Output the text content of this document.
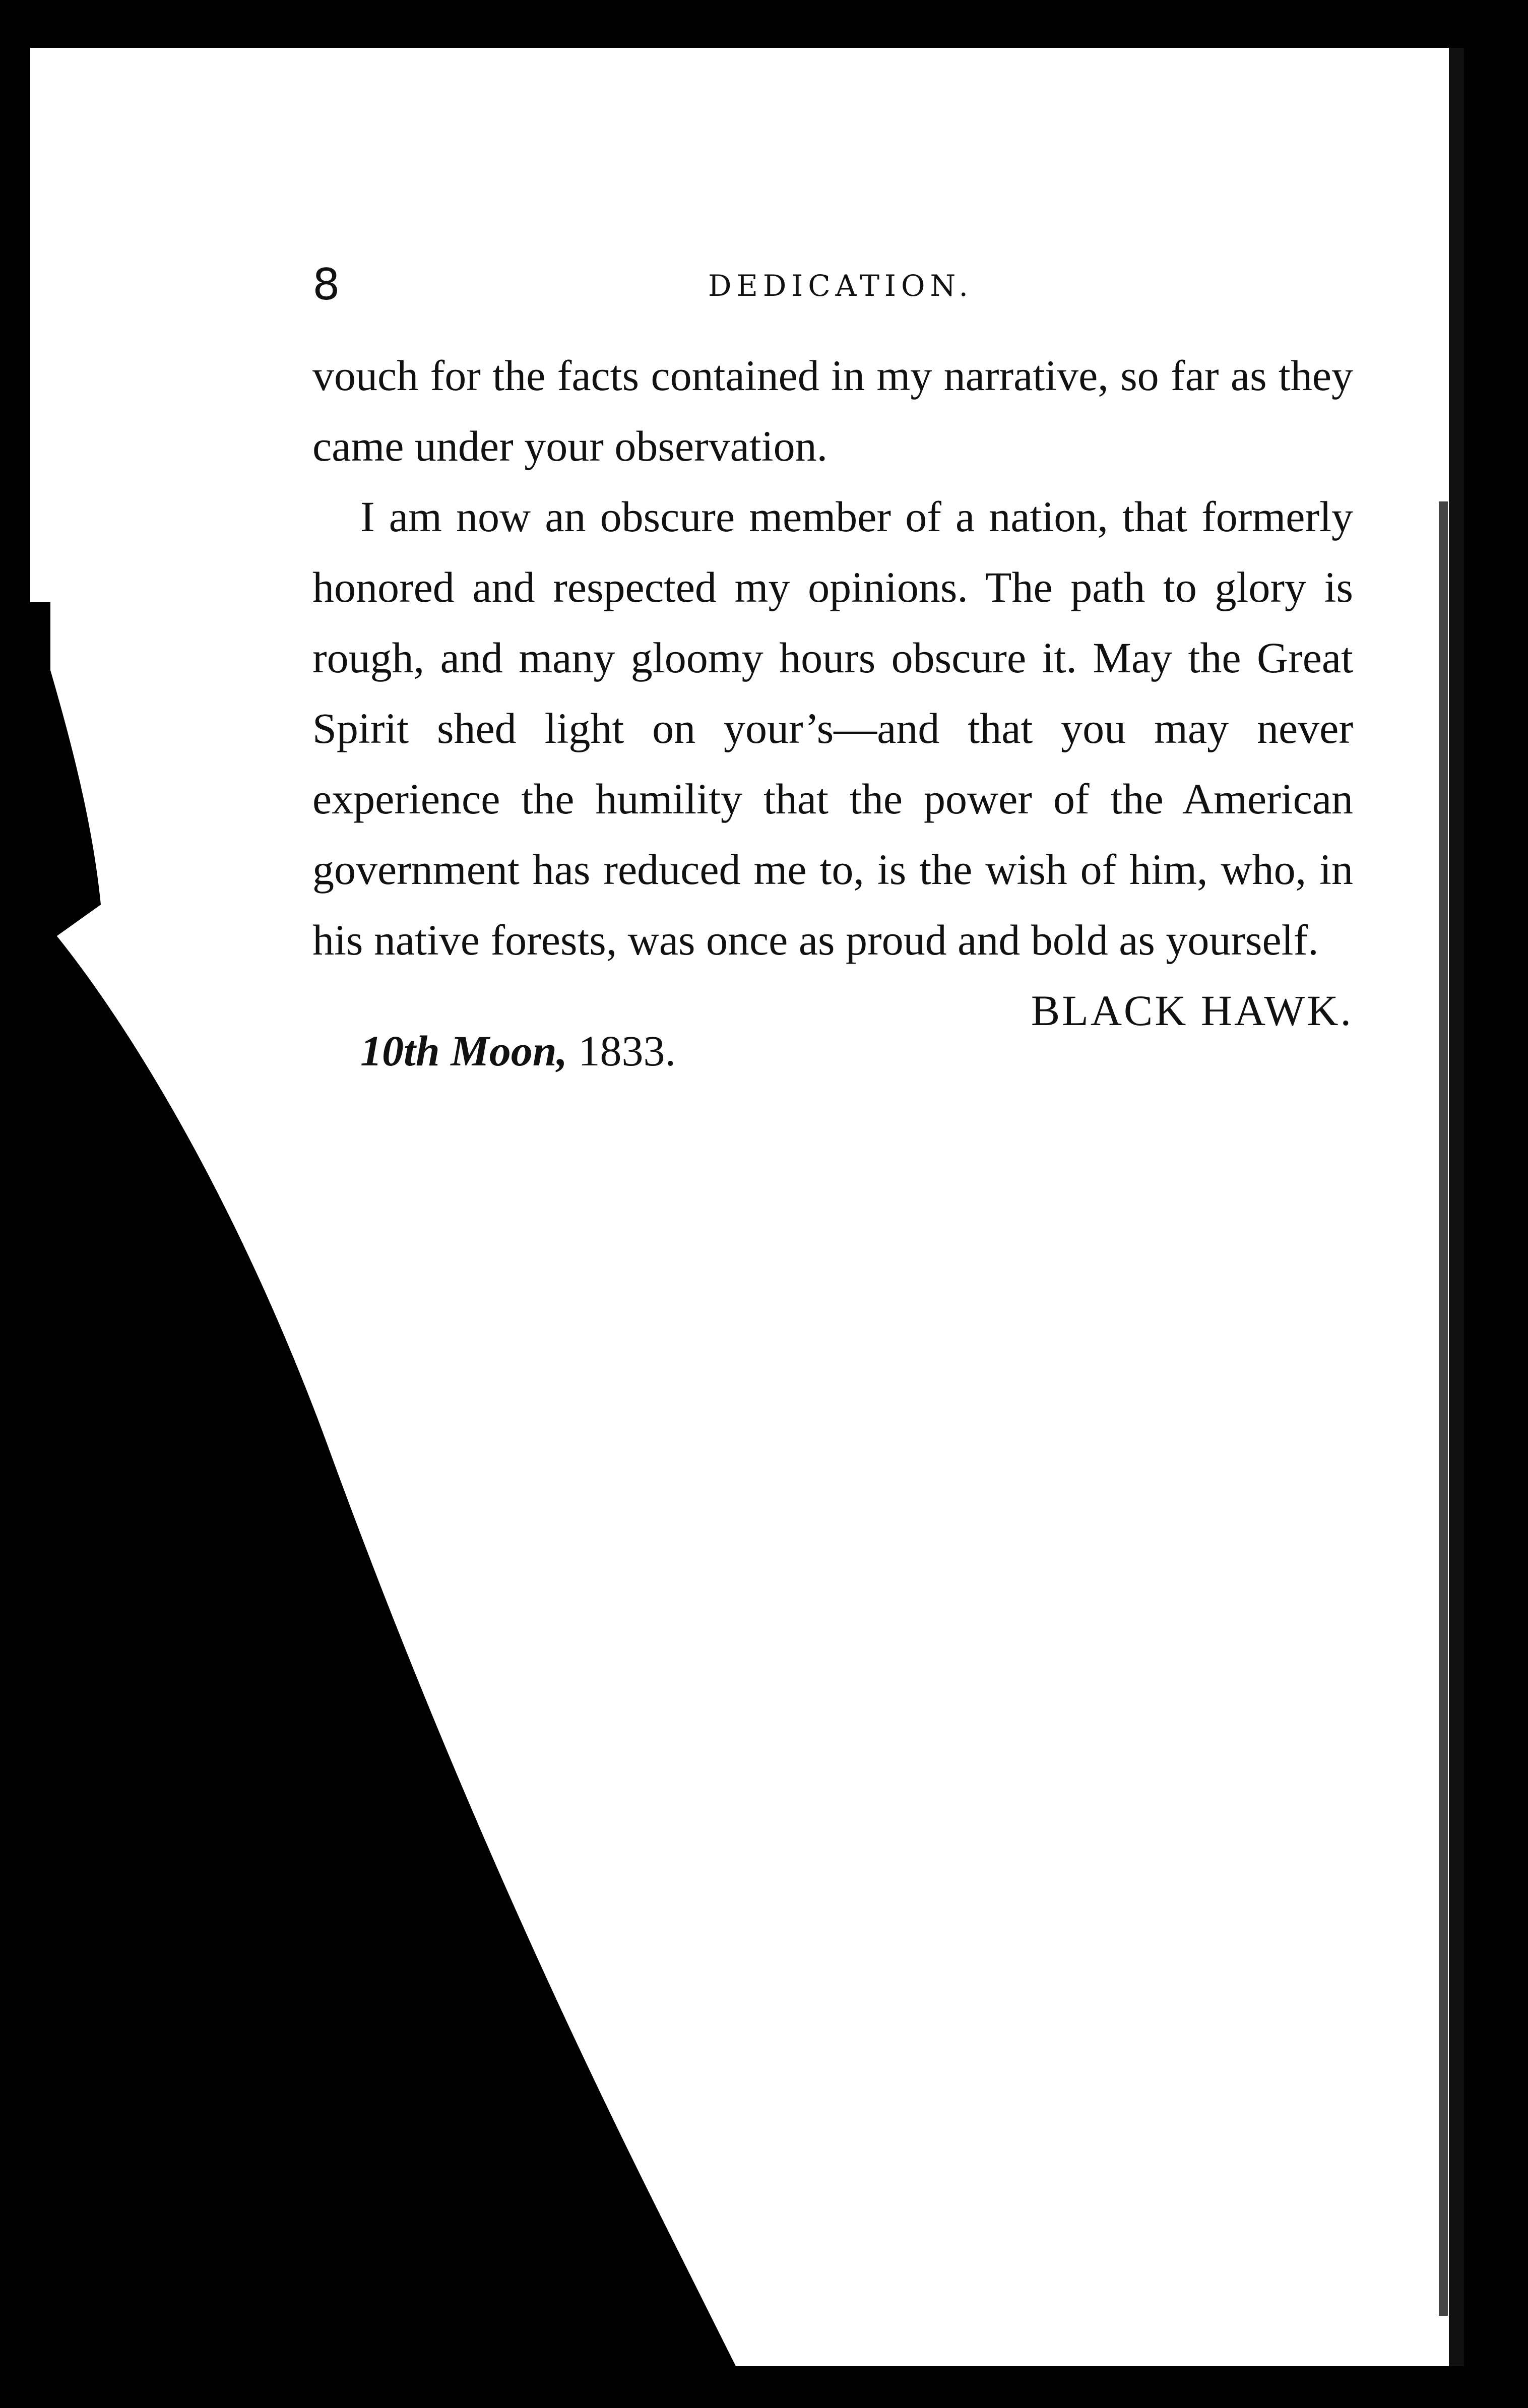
8	DEDICATION.

vouch for the facts contained in my narrative, so far as they came under your observation.

I am now an obscure member of a nation, that formerly honored and respected my opinions. The path to glory is rough, and many gloomy hours obscure it. May the Great Spirit shed light on your’s—and that you may never experience the humility that the power of the American government has reduced me to, is the wish of him, who, in his native forests, was once as proud and bold as yourself.

BLACK HAWK.
10th Moon, 1833.
